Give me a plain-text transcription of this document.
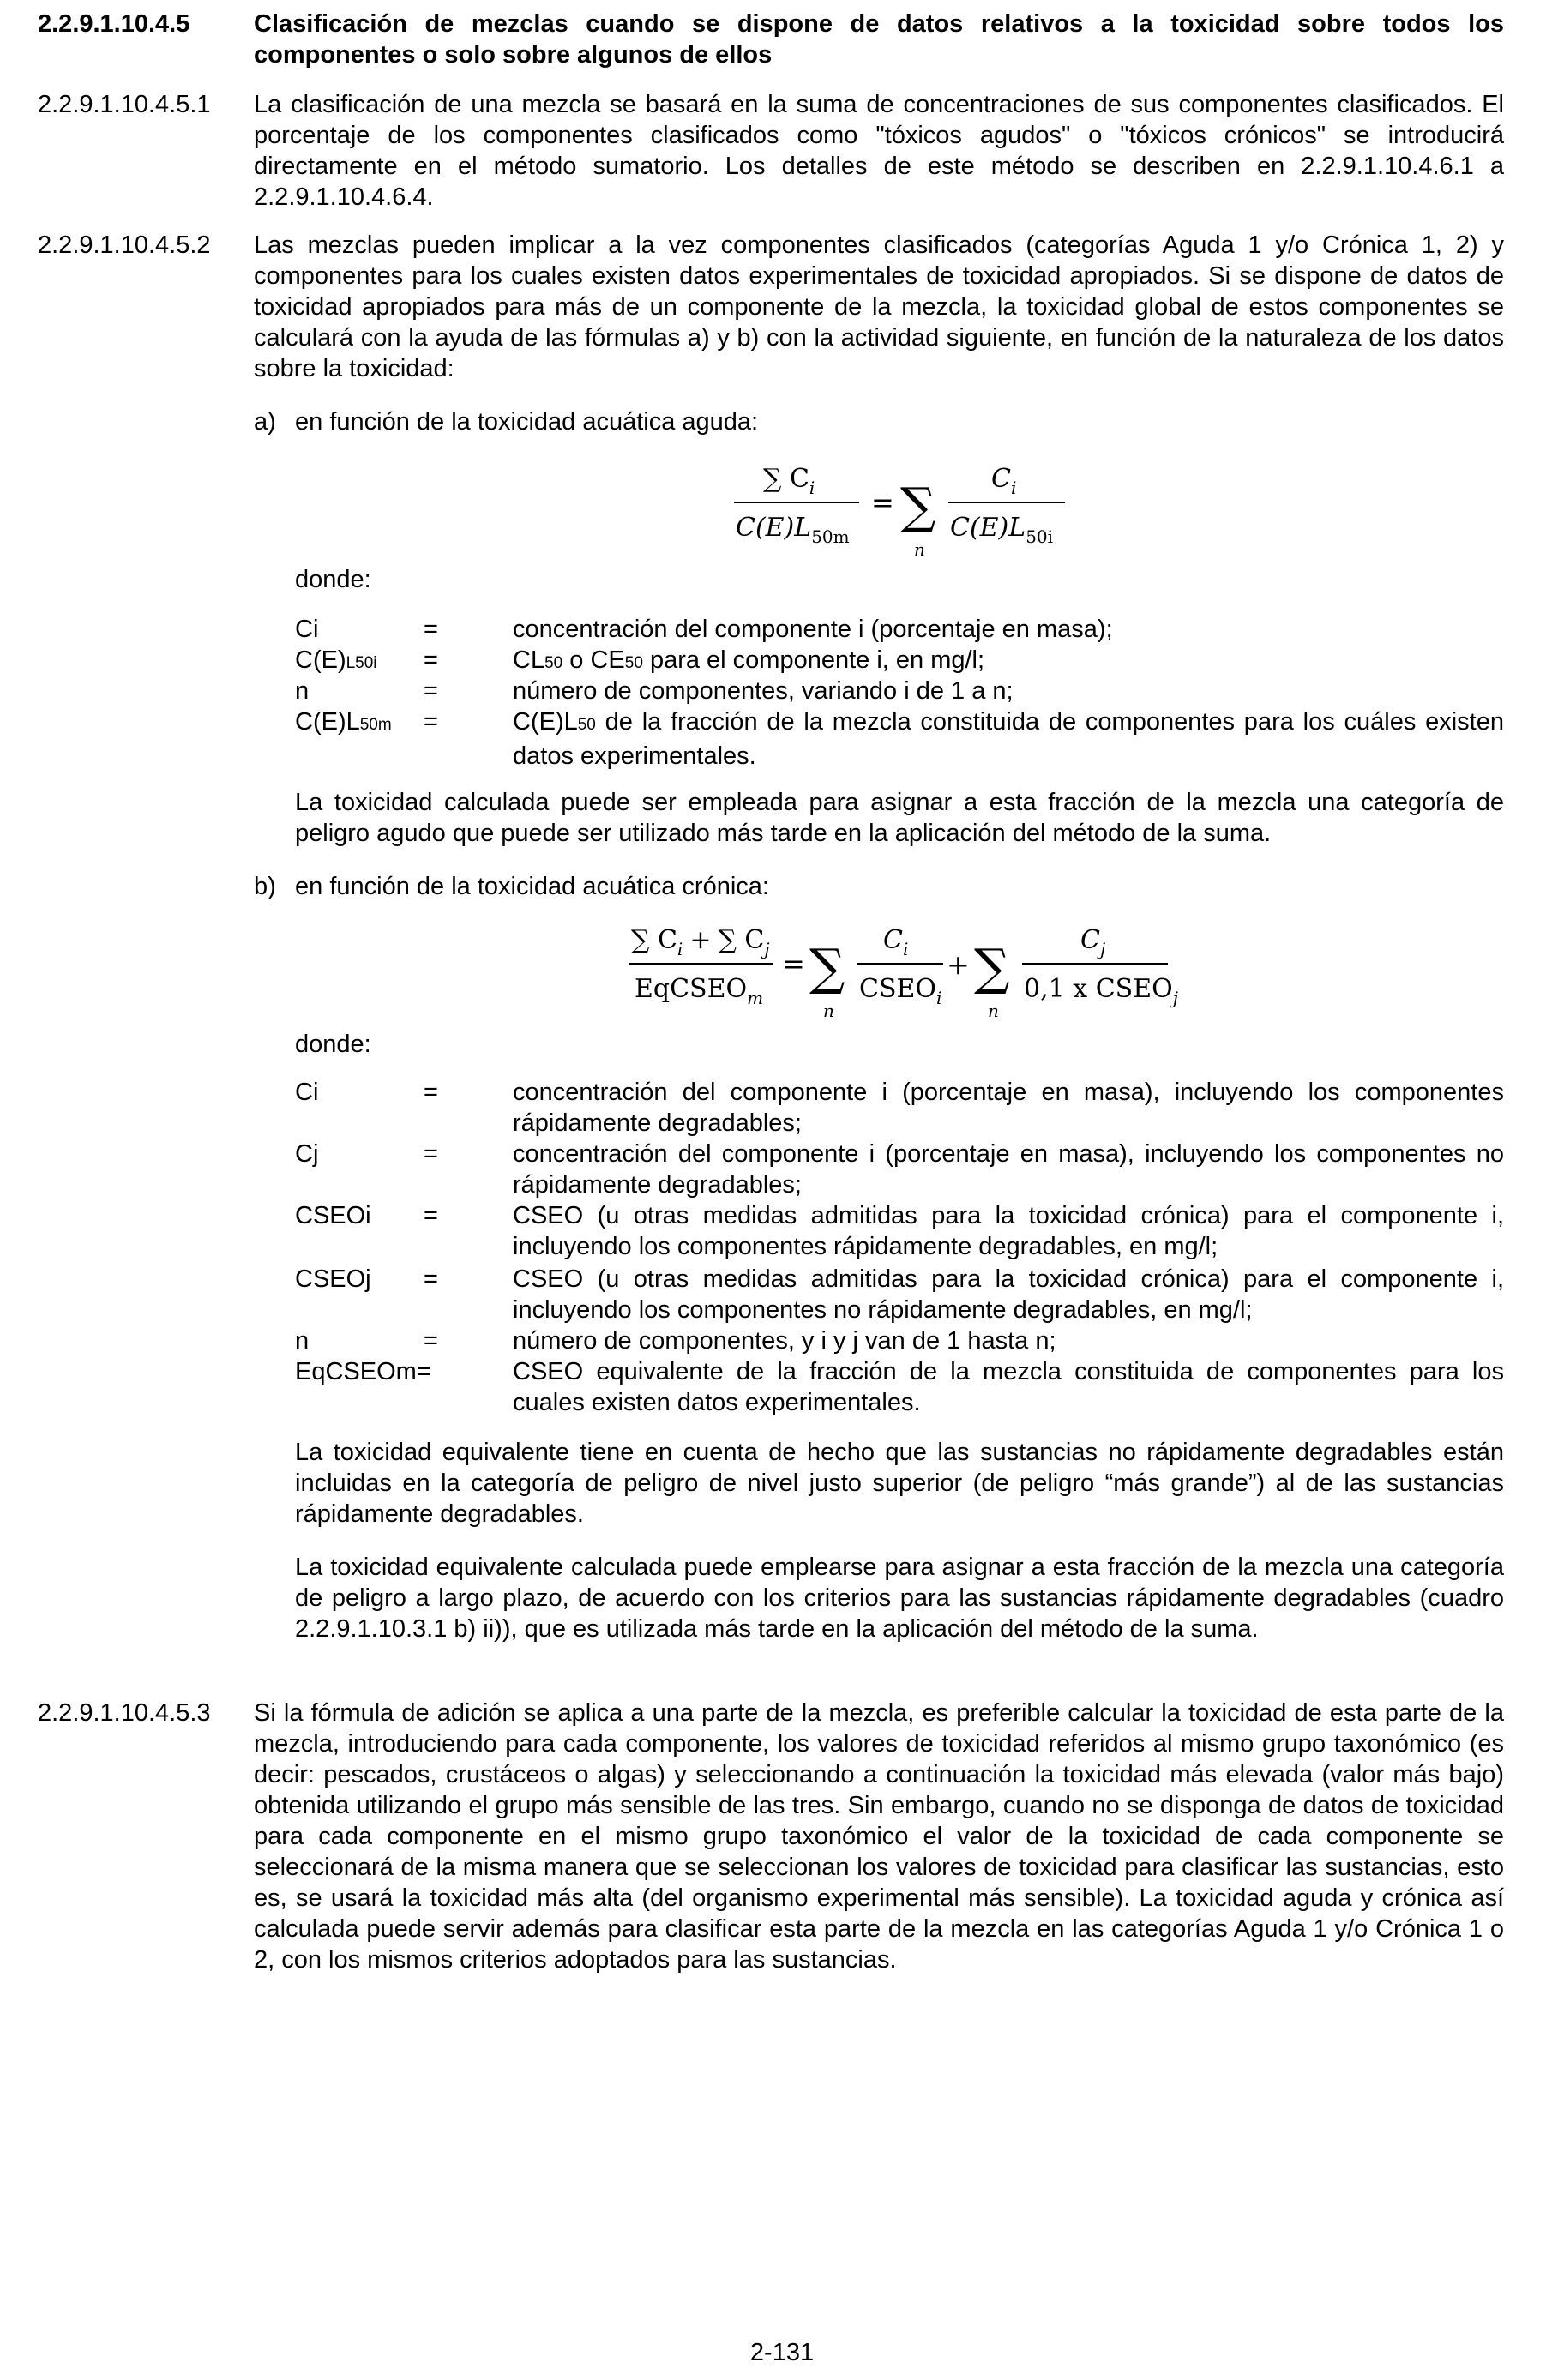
2.2.9.1.10.4.5	Clasificación de mezclas cuando se dispone de datos relativos a la toxicidad sobre todos los componentes o solo sobre algunos de ellos
2.2.9.1.10.4.5.1	La clasificación de una mezcla se basará en la suma de concentraciones de sus componentes clasificados. El porcentaje de los componentes clasificados como "tóxicos agudos" o "tóxicos crónicos" se introducirá directamente en el método sumatorio. Los detalles de este método se describen en 2.2.9.1.10.4.6.1 a 2.2.9.1.10.4.6.4.
2.2.9.1.10.4.5.2	Las mezclas pueden implicar a la vez componentes clasificados (categorías Aguda 1 y/o Crónica 1, 2) y componentes para los cuales existen datos experimentales de toxicidad apropiados. Si se dispone de datos de toxicidad apropiados para más de un componente de la mezcla, la toxicidad global de estos componentes se calculará con la ayuda de las fórmulas a) y b) con la actividad siguiente, en función de la naturaleza de los datos sobre la toxicidad:
a) en función de la toxicidad acuática aguda:
∑ $C_i$
$C(E)L_{50m}$
= ∑
n
$C_i$
$C(E)L_{50i}$
donde:
Ci	=	concentración del componente i (porcentaje en masa);
C(E)L50i =	CL50 o CE50 para el componente i, en mg/l;
n	=	número de componentes, variando i de 1 a n;
C(E)L50m =	C(E)L50 de la fracción de la mezcla constituida de componentes para los cuáles existen datos experimentales.
La toxicidad calculada puede ser empleada para asignar a esta fracción de la mezcla una categoría de peligro agudo que puede ser utilizado más tarde en la aplicación del método de la suma.
b) en función de la toxicidad acuática crónica:
∑ $C_i$ + ∑ $C_j$
EqCSEO$_m$
= ∑
n
$C_i$
$CSEO_i$
+ ∑
n
$C_j$
0,1 x $CSEO_j$
donde:
Ci	=	concentración del componente i (porcentaje en masa), incluyendo los componentes rápidamente degradables;
Cj	=	concentración del componente i (porcentaje en masa), incluyendo los componentes no rápidamente degradables;
CSEOi =	CSEO (u otras medidas admitidas para la toxicidad crónica) para el componente i, incluyendo los componentes rápidamente degradables, en mg/l;
CSEOj =	CSEO (u otras medidas admitidas para la toxicidad crónica) para el componente i, incluyendo los componentes no rápidamente degradables, en mg/l;
n	=	número de componentes, y i y j van de 1 hasta n;
EqCSEOm=	CSEO equivalente de la fracción de la mezcla constituida de componentes para los cuales existen datos experimentales.
La toxicidad equivalente tiene en cuenta de hecho que las sustancias no rápidamente degradables están incluidas en la categoría de peligro de nivel justo superior (de peligro “más grande”) al de las sustancias rápidamente degradables.
La toxicidad equivalente calculada puede emplearse para asignar a esta fracción de la mezcla una categoría de peligro a largo plazo, de acuerdo con los criterios para las sustancias rápidamente degradables (cuadro 2.2.9.1.10.3.1 b) ii)), que es utilizada más tarde en la aplicación del método de la suma.
2.2.9.1.10.4.5.3	Si la fórmula de adición se aplica a una parte de la mezcla, es preferible calcular la toxicidad de esta parte de la mezcla, introduciendo para cada componente, los valores de toxicidad referidos al mismo grupo taxonómico (es decir: pescados, crustáceos o algas) y seleccionando a continuación la toxicidad más elevada (valor más bajo) obtenida utilizando el grupo más sensible de las tres. Sin embargo, cuando no se disponga de datos de toxicidad para cada componente en el mismo grupo taxonómico el valor de la toxicidad de cada componente se seleccionará de la misma manera que se seleccionan los valores de toxicidad para clasificar las sustancias, esto es, se usará la toxicidad más alta (del organismo experimental más sensible). La toxicidad aguda y crónica así calculada puede servir además para clasificar esta parte de la mezcla en las categorías Aguda 1 y/o Crónica 1 o 2, con los mismos criterios adoptados para las sustancias.
2-131
